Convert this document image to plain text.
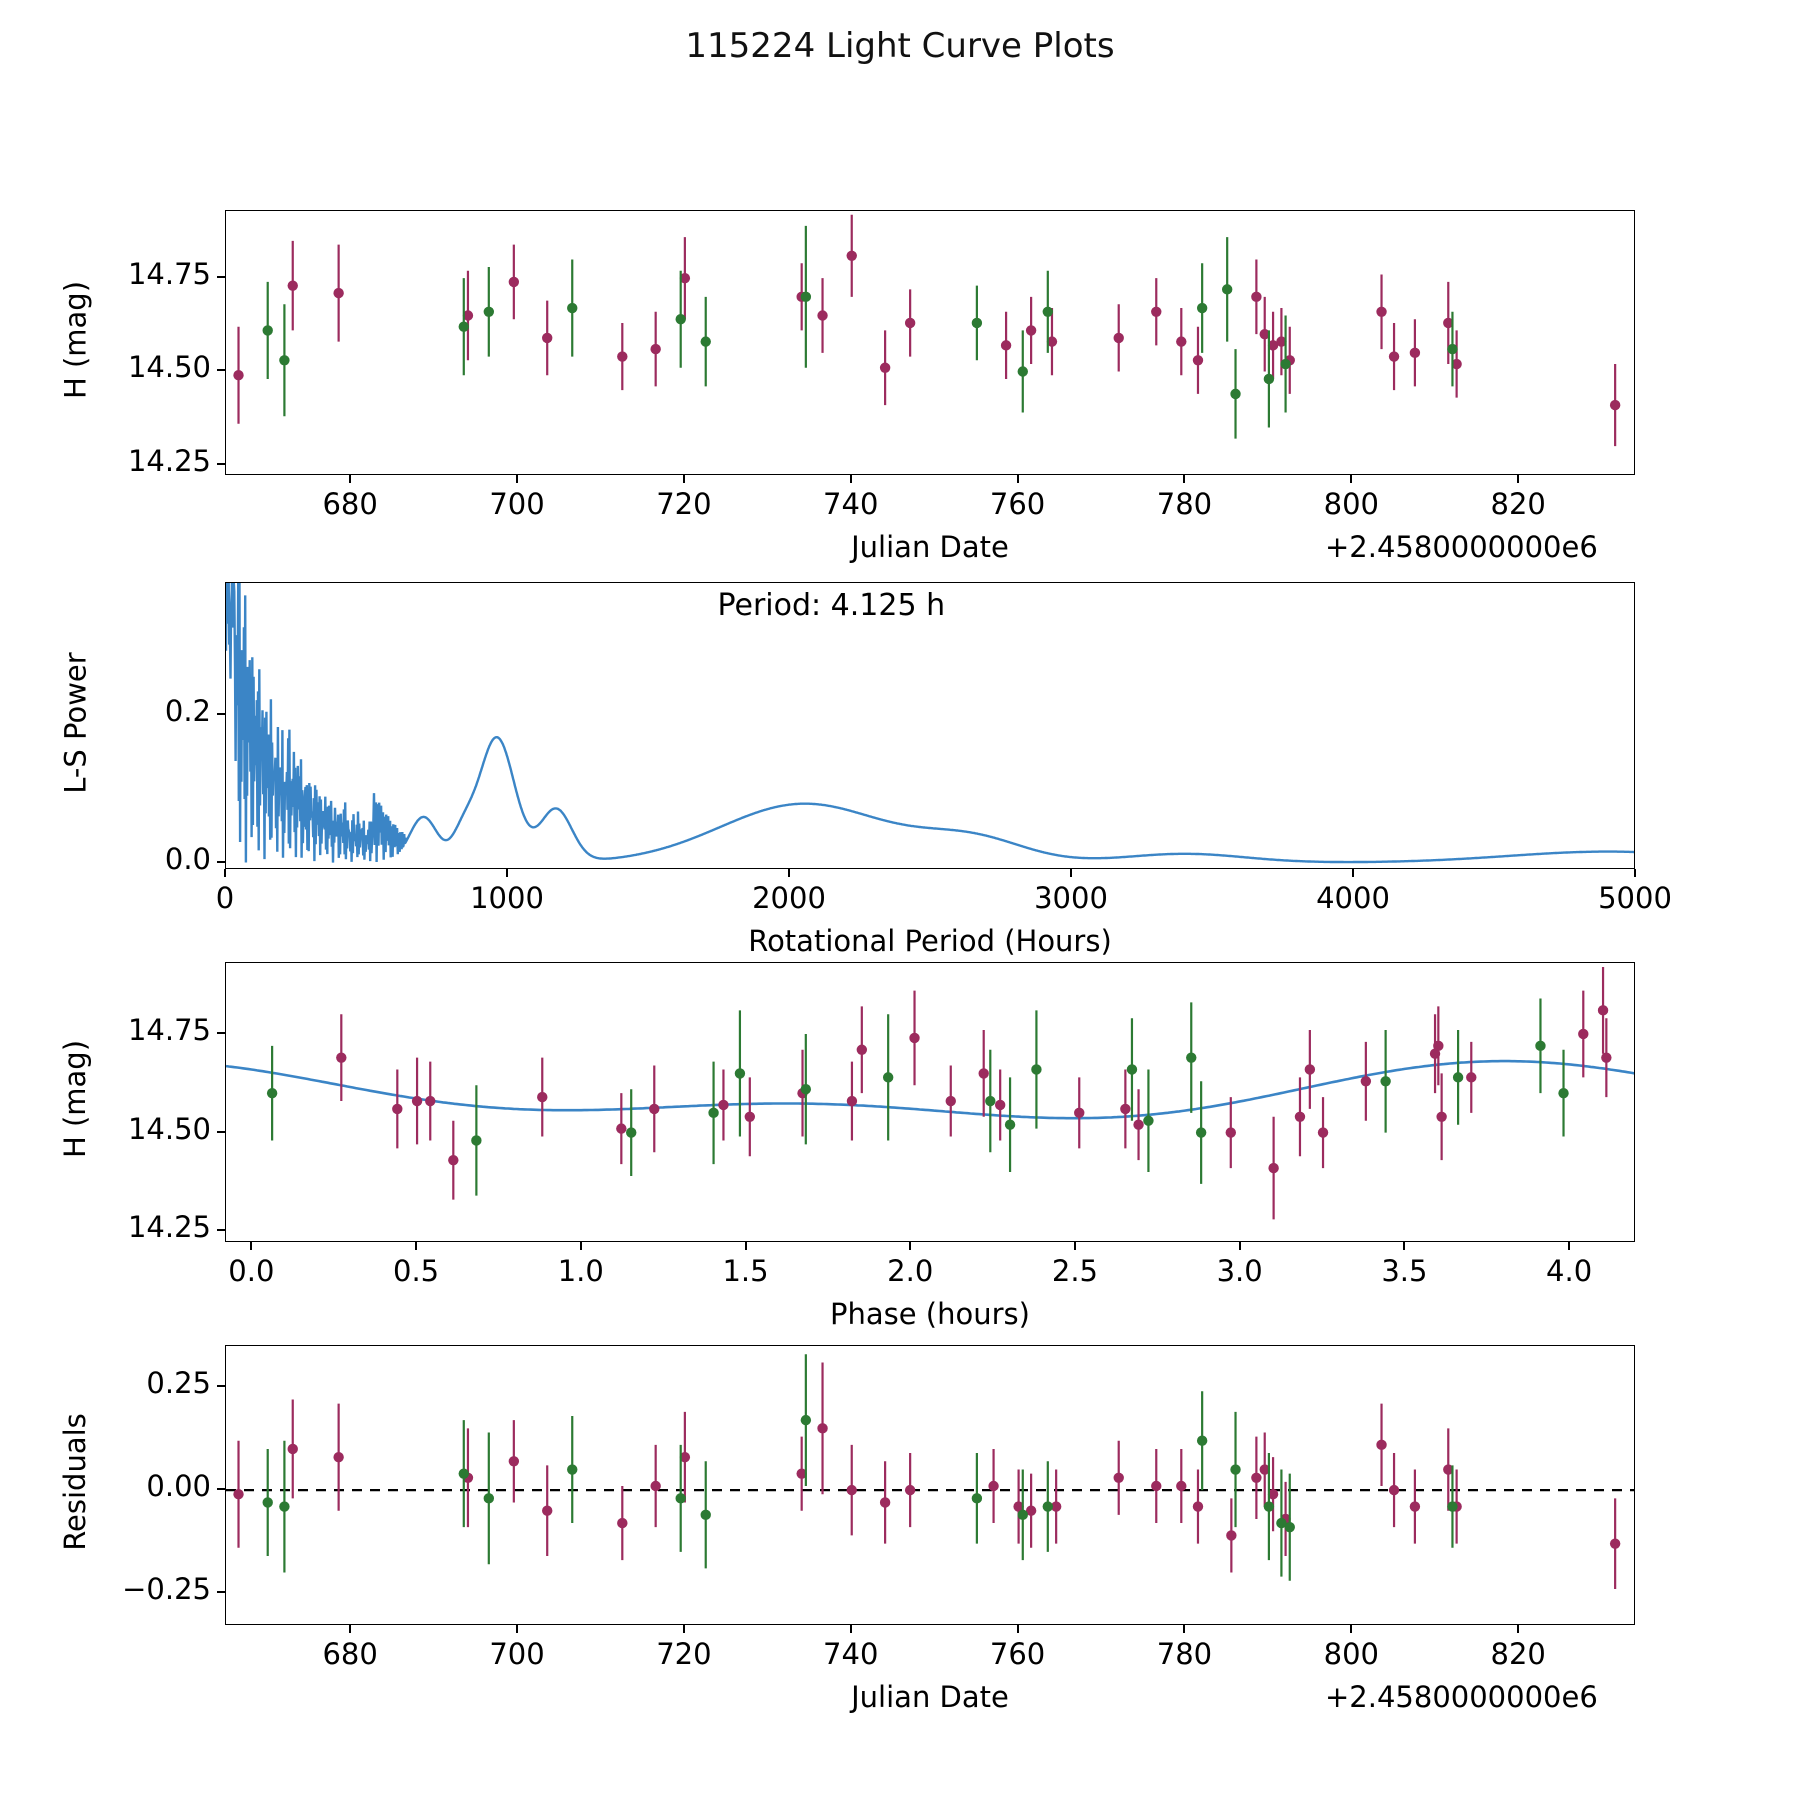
115224 Light Curve Plots
680	700	720	740	760	780	800	820
14.25
14.50
14.75
Julian Date	+2.4580000000e6
H (mag)
0	1000	2000	3000	4000	5000
0.0
0.2
Rotational Period (Hours)
L-S Power
Period: 4.125 h
0.0	0.5	1.0	1.5	2.0	2.5	3.0	3.5	4.0
14.25
14.50
14.75
Phase (hours)
H (mag)
680	700	720	740	760	780	800	820
−0.25
0.00
0.25
Julian Date	+2.4580000000e6
Residuals
